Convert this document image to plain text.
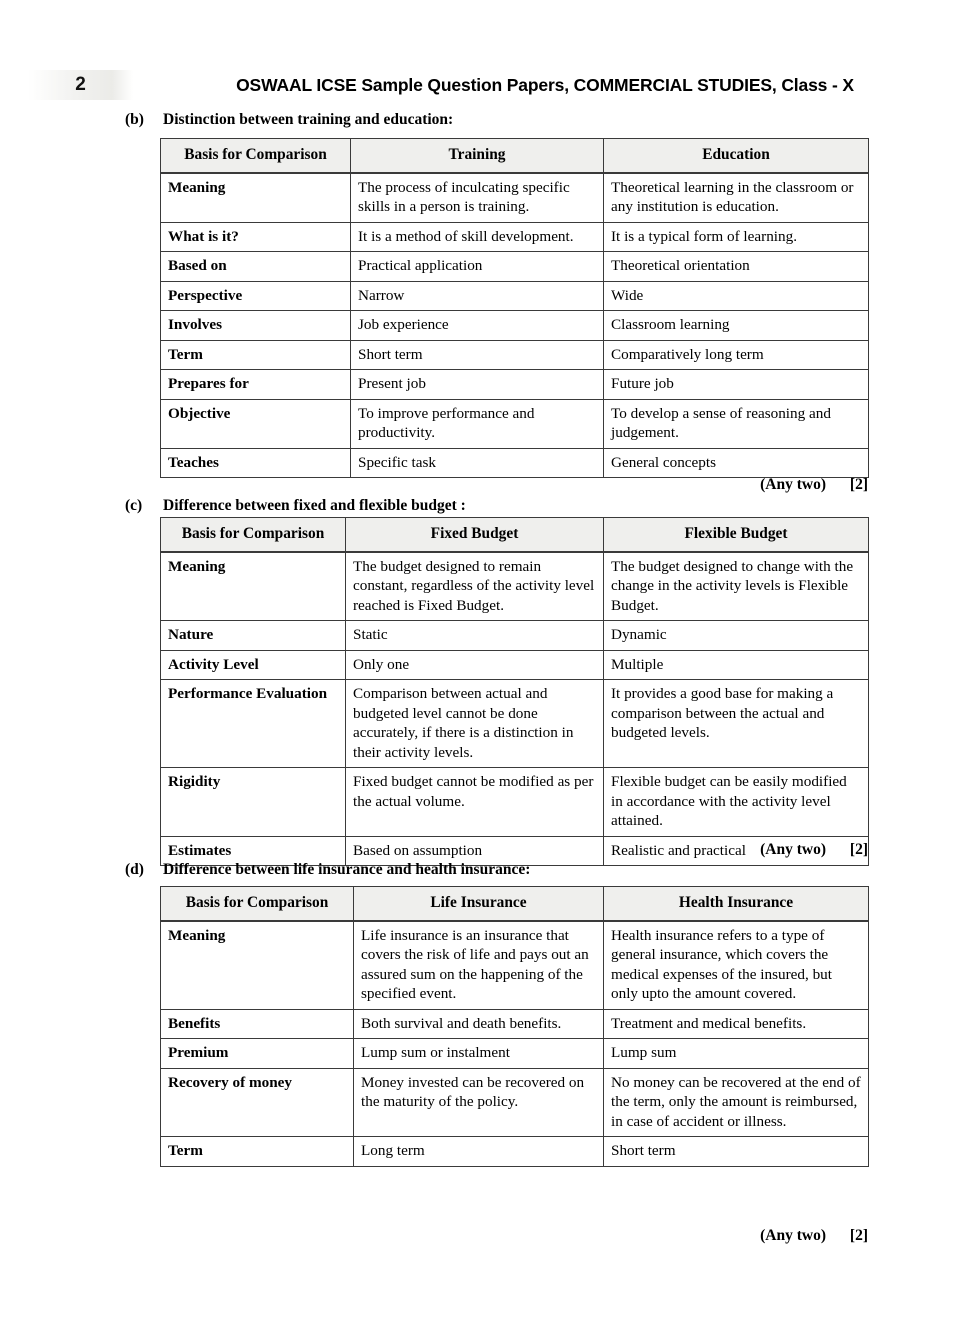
2	OSWAAL ICSE Sample Question Papers, COMMERCIAL STUDIES, Class - X
(b)	Distinction between training and education:
Basis for Comparison	Training	Education
Meaning	The process of inculcating specific skills in a person is training.	Theoretical learning in the classroom or any institution is education.
What is it?	It is a method of skill development.	It is a typical form of learning.
Based on	Practical application	Theoretical orientation
Perspective	Narrow	Wide
Involves	Job experience	Classroom learning
Term	Short term	Comparatively long term
Prepares for	Present job	Future job
Objective	To improve performance and productivity.	To develop a sense of reasoning and judgement.
Teaches	Specific task	General concepts
(Any two) [2]
(c)	Difference between fixed and flexible budget :
Basis for Comparison	Fixed Budget	Flexible Budget
Meaning	The budget designed to remain constant, regardless of the activity level reached is Fixed Budget.	The budget designed to change with the change in the activity levels is Flexible Budget.
Nature	Static	Dynamic
Activity Level	Only one	Multiple
Performance Evaluation	Comparison between actual and budgeted level cannot be done accurately, if there is a distinction in their activity levels.	It provides a good base for making a comparison between the actual and budgeted levels.
Rigidity	Fixed budget cannot be modified as per the actual volume.	Flexible budget can be easily modified in accordance with the activity level attained.
Estimates	Based on assumption	Realistic and practical (Any two) [2]
(d)	Difference between life insurance and health insurance:
Basis for Comparison	Life Insurance	Health Insurance
Meaning	Life insurance is an insurance that covers the risk of life and pays out an assured sum on the happening of the specified event.	Health insurance refers to a type of general insurance, which covers the medical expenses of the insured, but only upto the amount covered.
Benefits	Both survival and death benefits.	Treatment and medical benefits.
Premium	Lump sum or instalment	Lump sum
Recovery of money	Money invested can be recovered on the maturity of the policy.	No money can be recovered at the end of the term, only the amount is reimbursed, in case of accident or illness.
Term	Long term	Short term
(Any two) [2]
